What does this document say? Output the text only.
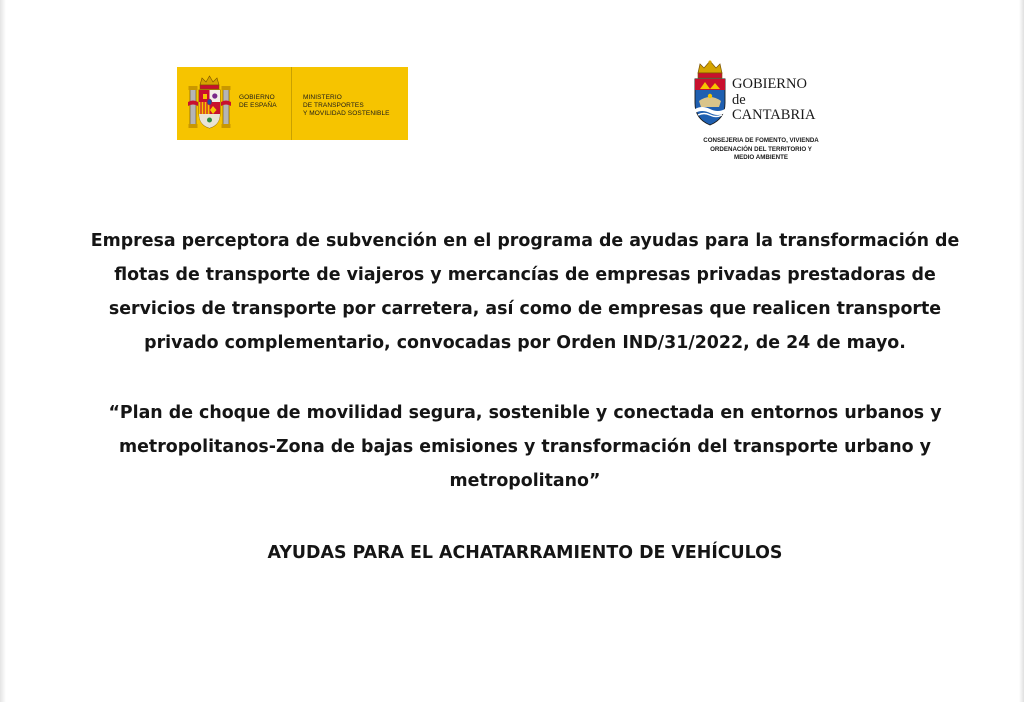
GOBIERNO
DE ESPAÑA
MINISTERIO
DE TRANSPORTES
Y MOVILIDAD SOSTENIBLE
GOBIERNO
de
CANTABRIA
CONSEJERIA DE FOMENTO, VIVIENDA
ORDENACIÓN DEL TERRITORIO Y
MEDIO AMBIENTE
Empresa perceptora de subvención en el programa de ayudas para la transformación de
flotas de transporte de viajeros y mercancías de empresas privadas prestadoras de
servicios de transporte por carretera, así como de empresas que realicen transporte
privado complementario, convocadas por Orden IND/31/2022, de 24 de mayo.
“Plan de choque de movilidad segura, sostenible y conectada en entornos urbanos y
metropolitanos-Zona de bajas emisiones y transformación del transporte urbano y
metropolitano”
AYUDAS PARA EL ACHATARRAMIENTO DE VEHÍCULOS
